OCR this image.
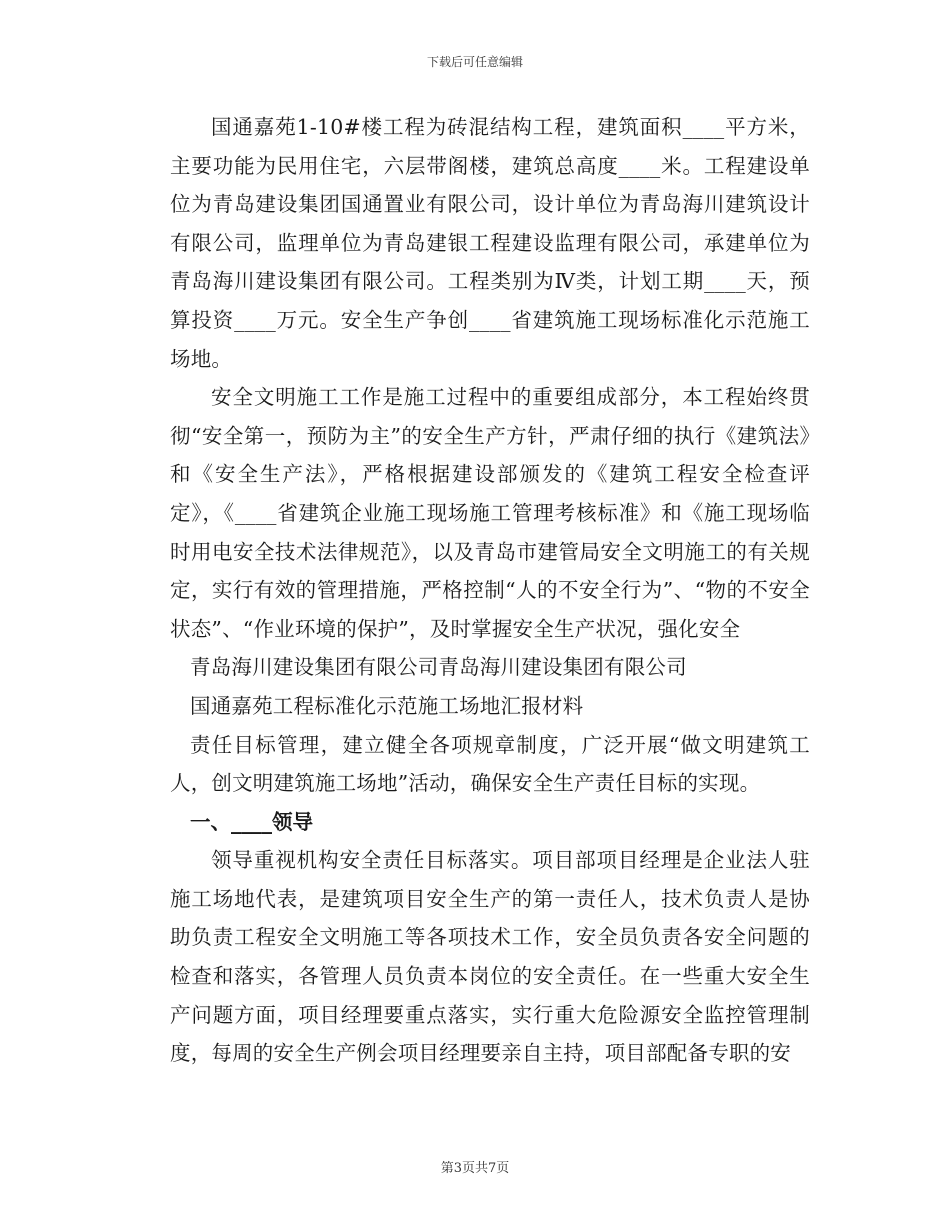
下载后可任意编辑

国通嘉苑1-10#楼工程为砖混结构工程，建筑面积____平方米，主要功能为民用住宅，六层带阁楼，建筑总高度____米。工程建设单位为青岛建设集团国通置业有限公司，设计单位为青岛海川建筑设计有限公司，监理单位为青岛建银工程建设监理有限公司，承建单位为青岛海川建设集团有限公司。工程类别为Ⅳ类，计划工期____天，预算投资____万元。安全生产争创____省建筑施工现场标准化示范施工场地。

安全文明施工工作是施工过程中的重要组成部分，本工程始终贯彻“安全第一，预防为主”的安全生产方针，严肃仔细的执行《建筑法》和《安全生产法》，严格根据建设部颁发的《建筑工程安全检查评定》，《____省建筑企业施工现场施工管理考核标准》和《施工现场临时用电安全技术法律规范》，以及青岛市建管局安全文明施工的有关规定，实行有效的管理措施，严格控制“人的不安全行为”、“物的不安全状态”、“作业环境的保护”，及时掌握安全生产状况，强化安全

青岛海川建设集团有限公司青岛海川建设集团有限公司

国通嘉苑工程标准化示范施工场地汇报材料

责任目标管理，建立健全各项规章制度，广泛开展“做文明建筑工人，创文明建筑施工场地”活动，确保安全生产责任目标的实现。

一、____领导

领导重视机构安全责任目标落实。项目部项目经理是企业法人驻施工场地代表，是建筑项目安全生产的第一责任人，技术负责人是协助负责工程安全文明施工等各项技术工作，安全员负责各安全问题的检查和落实，各管理人员负责本岗位的安全责任。在一些重大安全生产问题方面，项目经理要重点落实，实行重大危险源安全监控管理制度，每周的安全生产例会项目经理要亲自主持，项目部配备专职的安

第3页共7页
